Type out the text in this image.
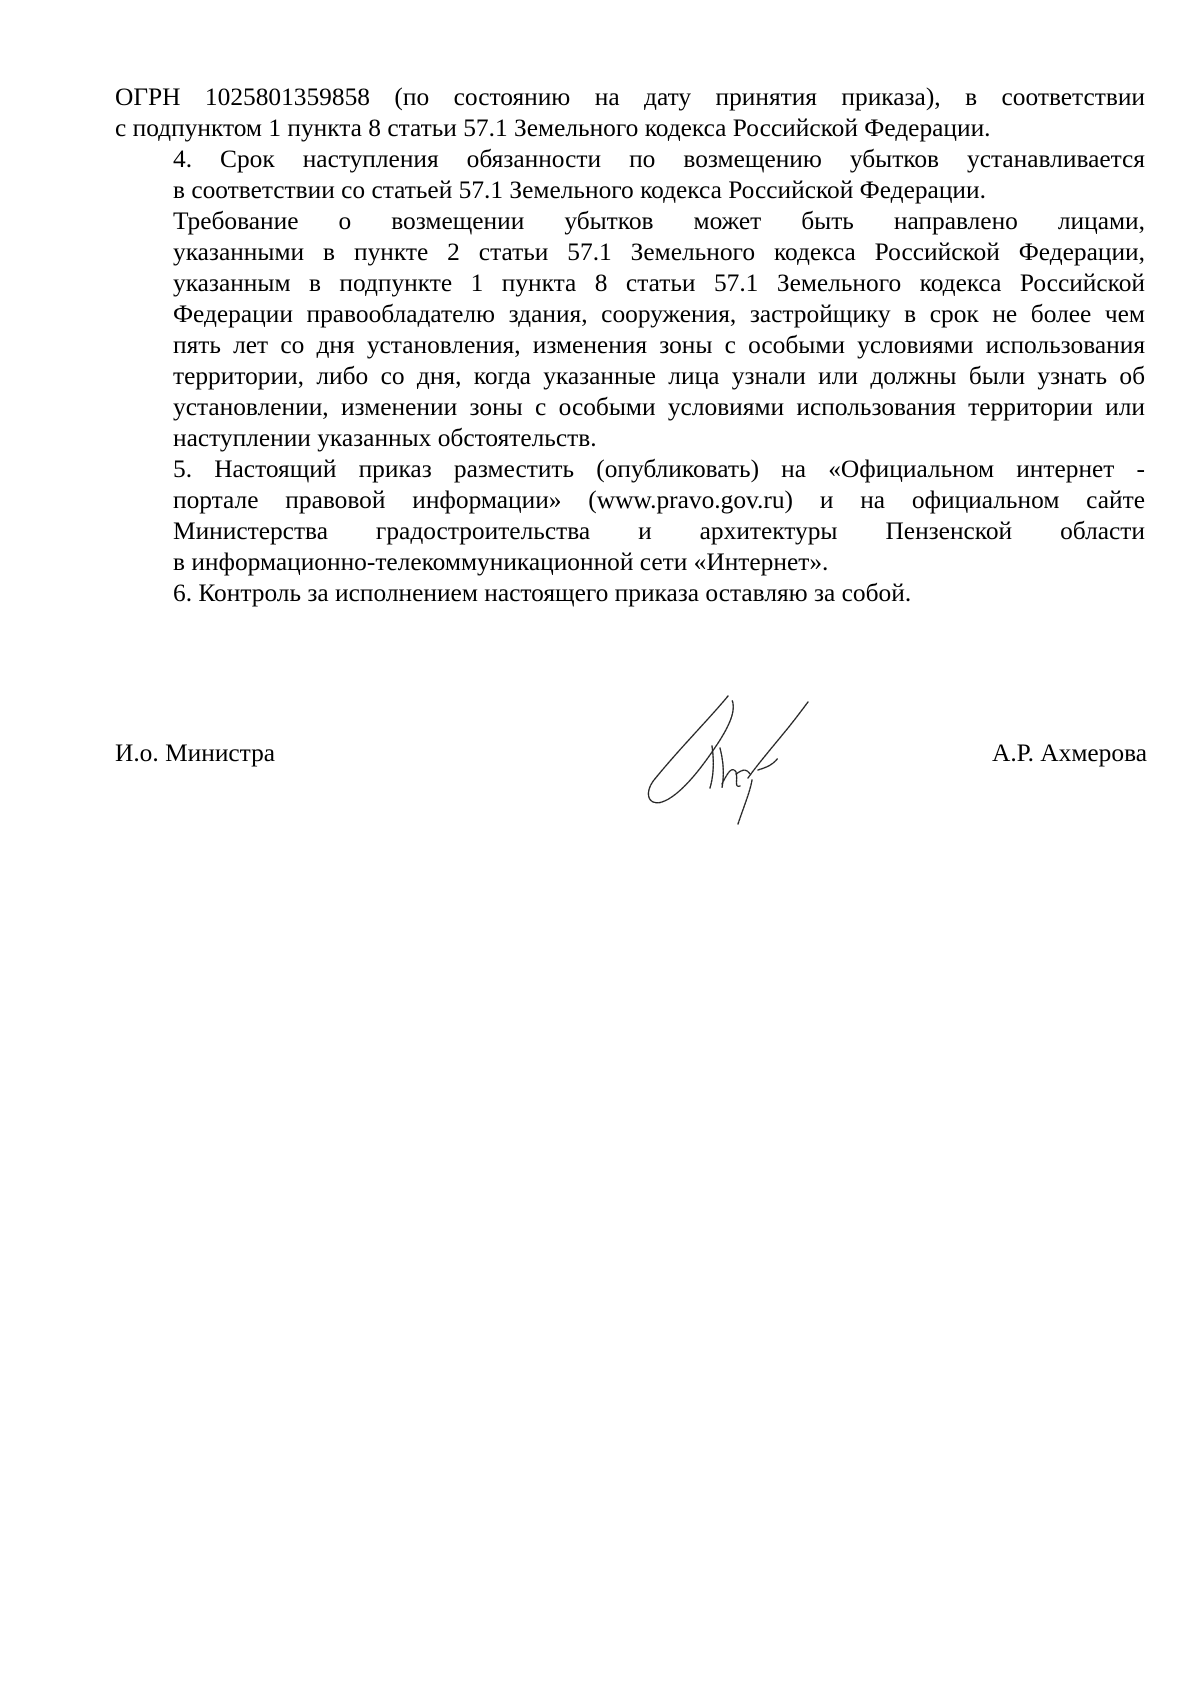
ОГРН 1025801359858 (по состоянию на дату принятия приказа), в соответствии
с подпунктом 1 пункта 8 статьи 57.1 Земельного кодекса Российской Федерации.

4. Срок наступления обязанности по возмещению убытков устанавливается
в соответствии со статьей 57.1 Земельного кодекса Российской Федерации.

Требование о возмещении убытков может быть направлено лицами,
указанными в пункте 2 статьи 57.1 Земельного кодекса Российской Федерации,
указанным в подпункте 1 пункта 8 статьи 57.1 Земельного кодекса Российской
Федерации правообладателю здания, сооружения, застройщику в срок не более чем
пять лет со дня установления, изменения зоны с особыми условиями использования
территории, либо со дня, когда указанные лица узнали или должны были узнать об
установлении, изменении зоны с особыми условиями использования территории или
наступлении указанных обстоятельств.

5. Настоящий приказ разместить (опубликовать) на «Официальном интернет -
портале правовой информации» (www.pravo.gov.ru) и на официальном сайте
Министерства градостроительства и архитектуры Пензенской области
в информационно-телекоммуникационной сети «Интернет».

6. Контроль за исполнением настоящего приказа оставляю за собой.

И.о. Министра	А.Р. Ахмерова
